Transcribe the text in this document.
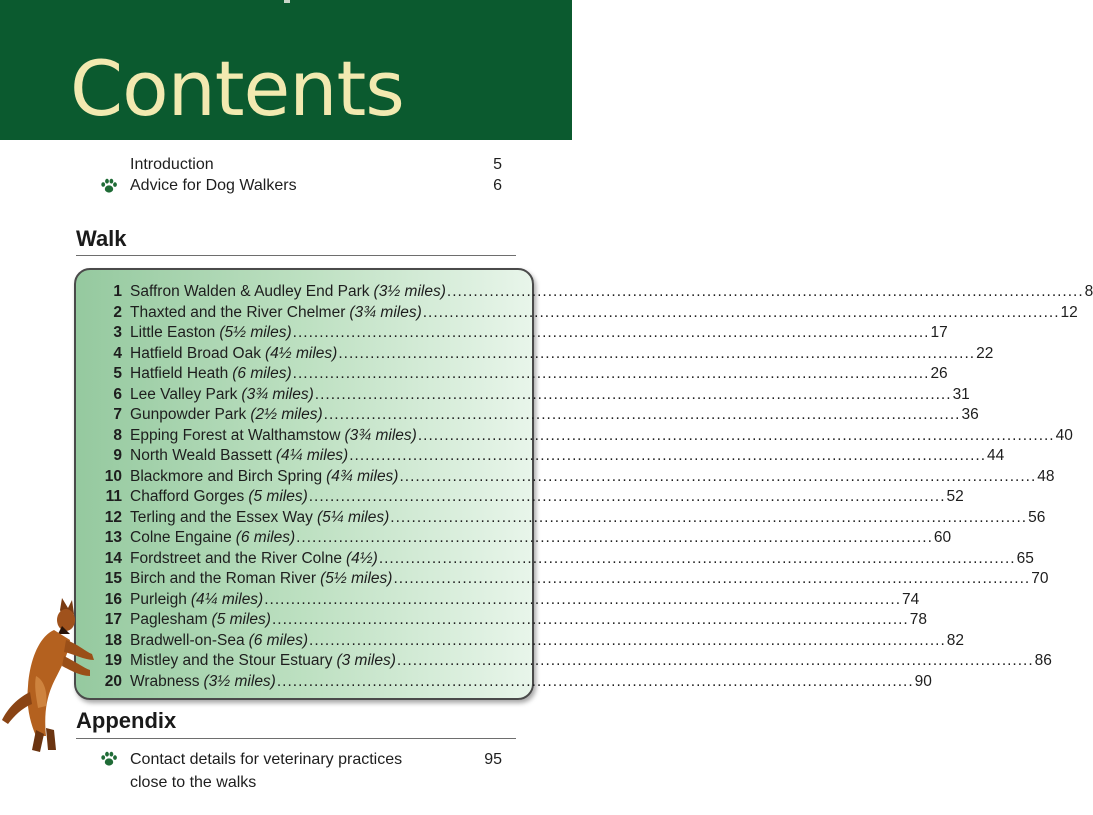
Contents
Introduction	5
Advice for Dog Walkers	6
Walk
1 Saffron Walden & Audley End Park (3½ miles) ........................................................................................................................ 8
2 Thaxted and the River Chelmer (3¾ miles) ........................................................................................................................ 12
3 Little Easton (5½ miles) ........................................................................................................................ 17
4 Hatfield Broad Oak (4½ miles) ........................................................................................................................ 22
5 Hatfield Heath (6 miles) ........................................................................................................................ 26
6 Lee Valley Park (3¾ miles) ........................................................................................................................ 31
7 Gunpowder Park (2½ miles) ........................................................................................................................ 36
8 Epping Forest at Walthamstow (3¾ miles) ........................................................................................................................ 40
9 North Weald Bassett (4¼ miles) ........................................................................................................................ 44
10 Blackmore and Birch Spring (4¾ miles) ........................................................................................................................ 48
11 Chafford Gorges (5 miles) ........................................................................................................................ 52
12 Terling and the Essex Way (5¼ miles) ........................................................................................................................ 56
13 Colne Engaine (6 miles) ........................................................................................................................ 60
14 Fordstreet and the River Colne (4½) ........................................................................................................................ 65
15 Birch and the Roman River (5½ miles) ........................................................................................................................ 70
16 Purleigh (4¼ miles) ........................................................................................................................ 74
17 Paglesham (5 miles) ........................................................................................................................ 78
18 Bradwell-on-Sea (6 miles) ........................................................................................................................ 82
19 Mistley and the Stour Estuary (3 miles) ........................................................................................................................ 86
20 Wrabness (3½ miles) ........................................................................................................................ 90
Appendix
Contact details for veterinary practices close to the walks
95
